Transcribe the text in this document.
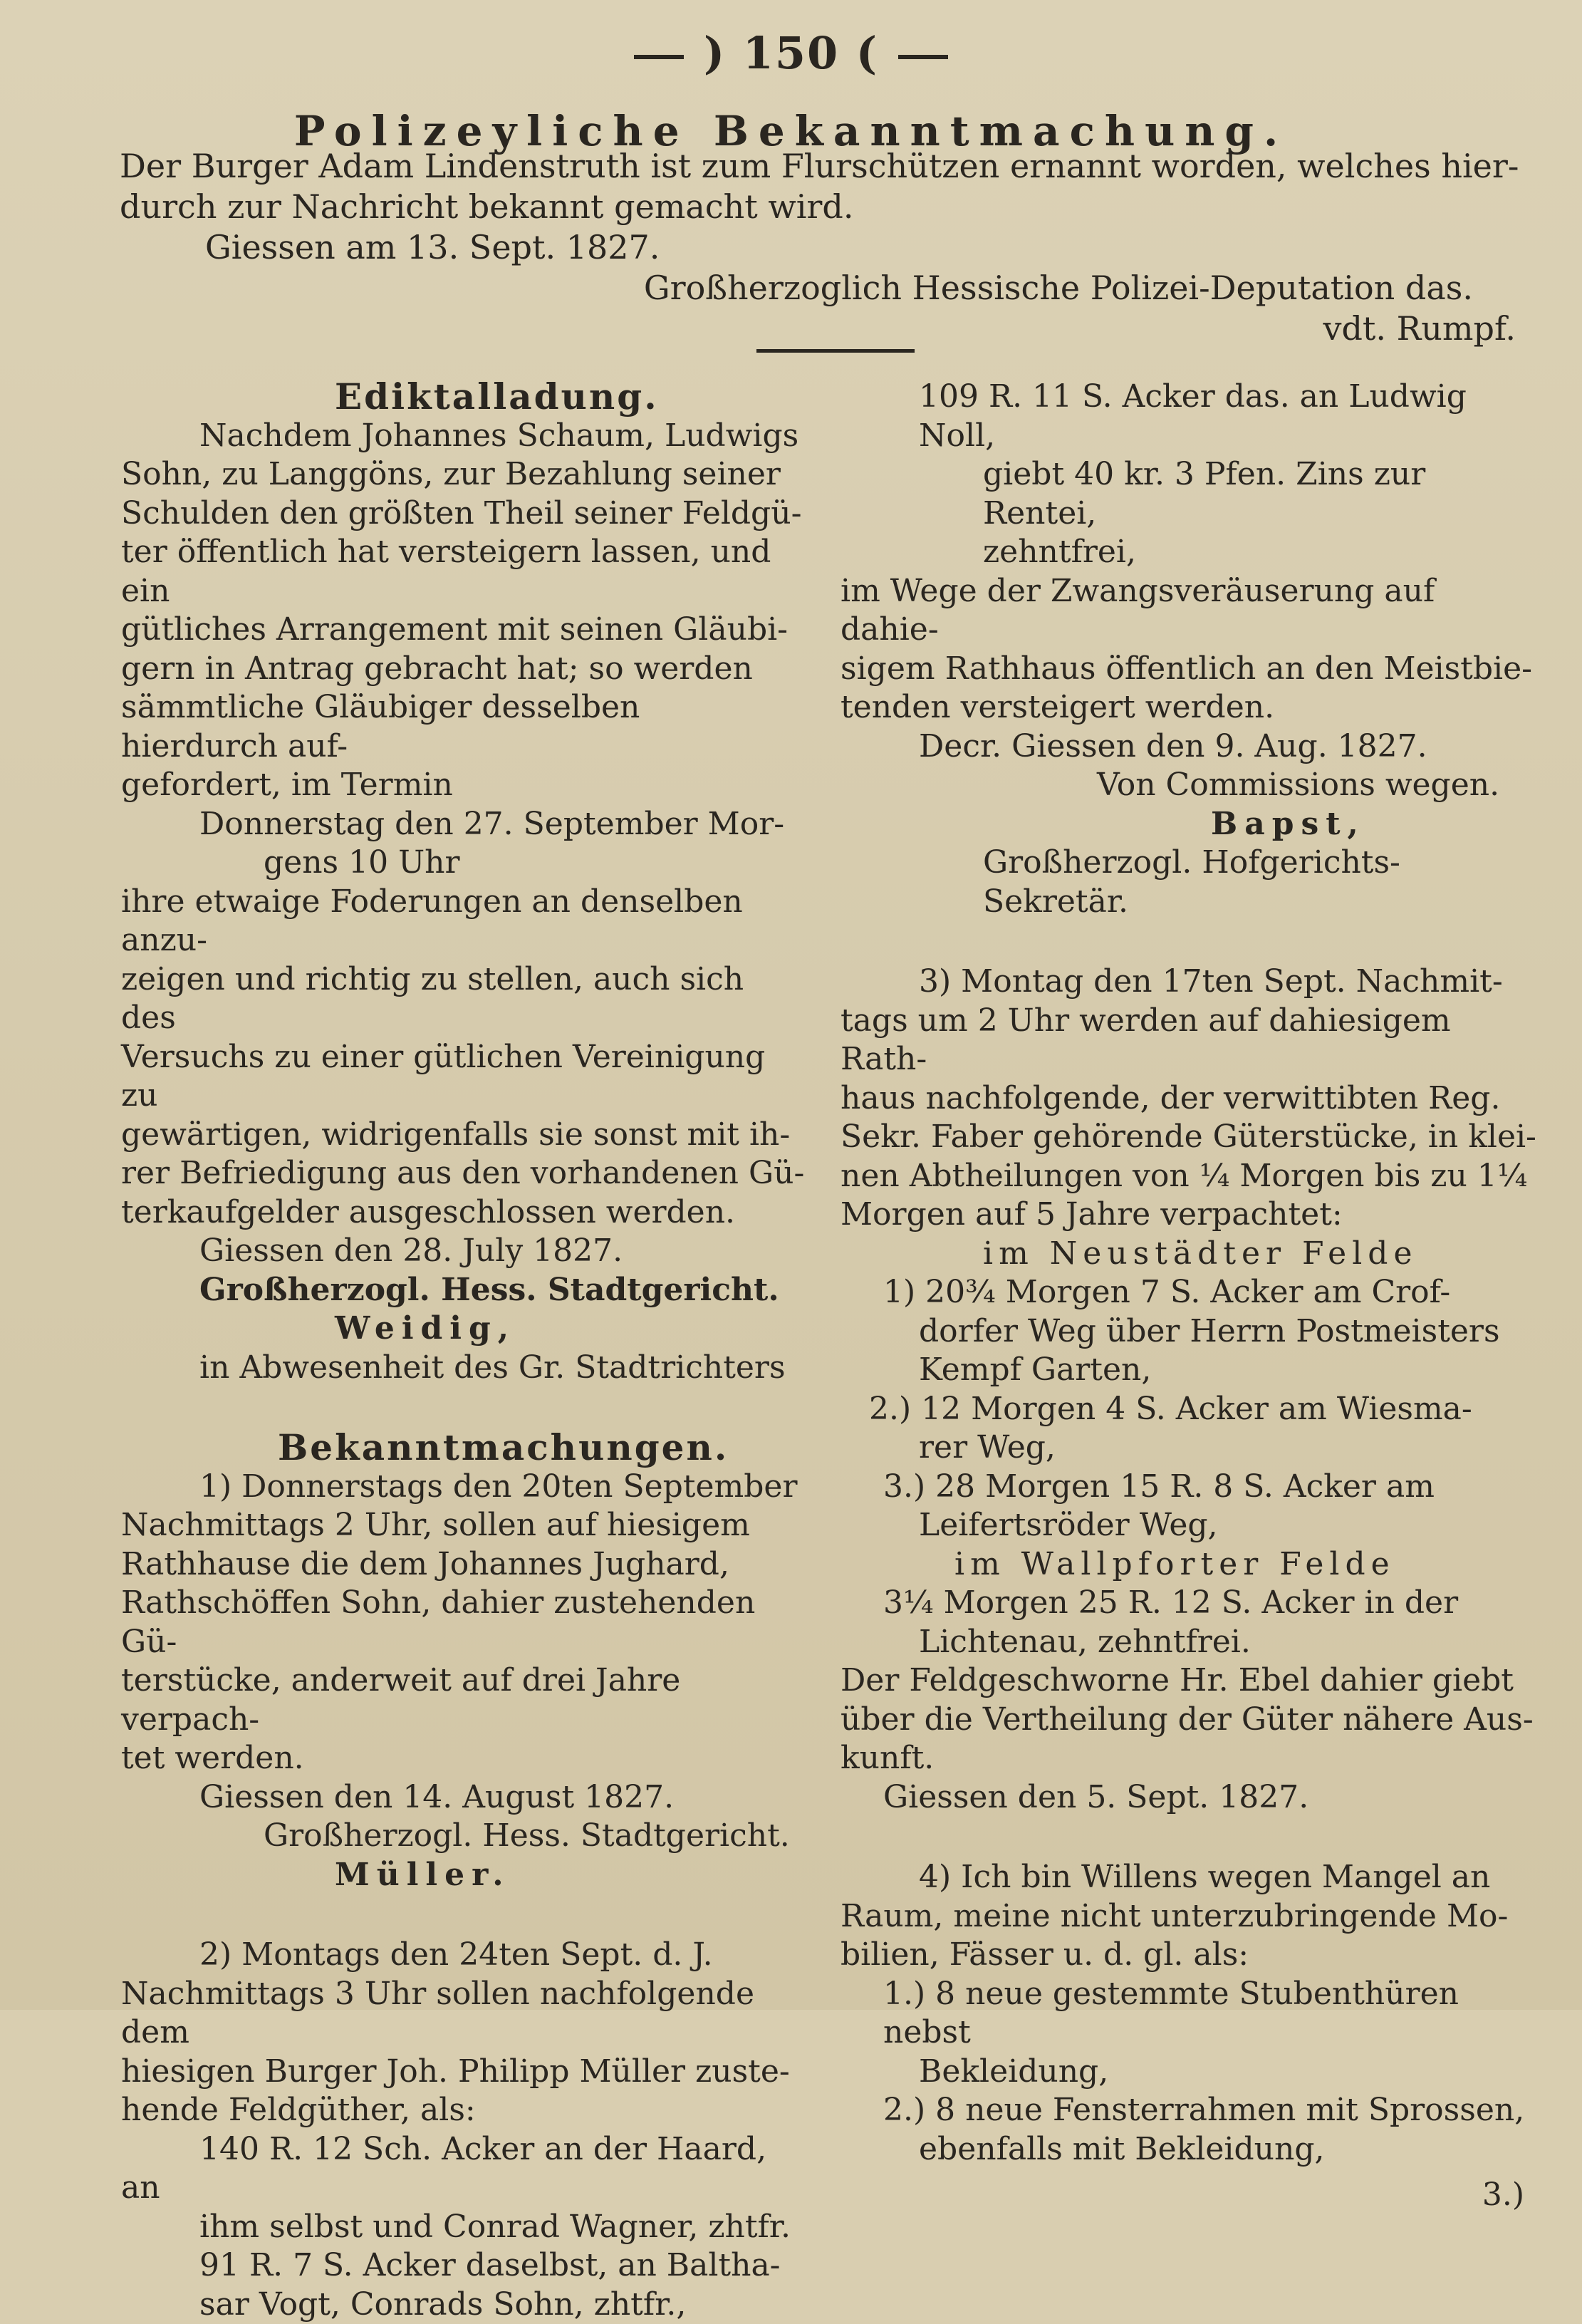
) 150 (
Polizeyliche Bekanntmachung.

Der Burger Adam Lindenstruth ist zum Flurschützen ernannt worden, welches hier-

durch zur Nachricht bekannt gemacht wird.

Giessen am 13. Sept. 1827.

Großherzoglich Hessische Polizei-Deputation das.

vdt. Rumpf.

Ediktalladung.

Nachdem Johannes Schaum, Ludwigs

Sohn, zu Langgöns, zur Bezahlung seiner

Schulden den größten Theil seiner Feldgü-

ter öffentlich hat versteigern lassen, und ein

gütliches Arrangement mit seinen Gläubi-

gern in Antrag gebracht hat; so werden

sämmtliche Gläubiger desselben hierdurch auf-

gefordert, im Termin

Donnerstag den 27. September Mor-

gens 10 Uhr

ihre etwaige Foderungen an denselben anzu-

zeigen und richtig zu stellen, auch sich des

Versuchs zu einer gütlichen Vereinigung zu

gewärtigen, widrigenfalls sie sonst mit ih-

rer Befriedigung aus den vorhandenen Gü-

terkaufgelder ausgeschlossen werden.

Giessen den 28. July 1827.

Großherzogl. Hess. Stadtgericht.

Weidig,

in Abwesenheit des Gr. Stadtrichters

Bekanntmachungen.

1) Donnerstags den 20ten September

Nachmittags 2 Uhr, sollen auf hiesigem

Rathhause die dem Johannes Jughard,

Rathschöffen Sohn, dahier zustehenden Gü-

terstücke, anderweit auf drei Jahre verpach-

tet werden.

Giessen den 14. August 1827.

Großherzogl. Hess. Stadtgericht.

Müller.

2) Montags den 24ten Sept. d. J.

Nachmittags 3 Uhr sollen nachfolgende dem

hiesigen Burger Joh. Philipp Müller zuste-

hende Feldgüther, als:

140 R. 12 Sch. Acker an der Haard, an

ihm selbst und Conrad Wagner, zhtfr.

91 R. 7 S. Acker daselbst, an Baltha-

sar Vogt, Conrads Sohn, zhtfr.,

109 R. 11 S. Acker das. an Ludwig Noll,

giebt 40 kr. 3 Pfen. Zins zur Rentei,

zehntfrei,

im Wege der Zwangsveräuserung auf dahie-

sigem Rathhaus öffentlich an den Meistbie-

tenden versteigert werden.

Decr. Giessen den 9. Aug. 1827.

Von Commissions wegen.

Bapst,

Großherzogl. Hofgerichts-Sekretär.

3) Montag den 17ten Sept. Nachmit-

tags um 2 Uhr werden auf dahiesigem Rath-

haus nachfolgende, der verwittibten Reg.

Sekr. Faber gehörende Güterstücke, in klei-

nen Abtheilungen von ¼ Morgen bis zu 1¼

Morgen auf 5 Jahre verpachtet:

im Neustädter Felde

1) 20¾ Morgen 7 S. Acker am Crof-

dorfer Weg über Herrn Postmeisters

Kempf Garten,

2.) 12 Morgen 4 S. Acker am Wiesma-

rer Weg,

3.) 28 Morgen 15 R. 8 S. Acker am

Leifertsröder Weg,

im Wallpforter Felde

3¼ Morgen 25 R. 12 S. Acker in der

Lichtenau, zehntfrei.

Der Feldgeschworne Hr. Ebel dahier giebt

über die Vertheilung der Güter nähere Aus-

kunft.

Giessen den 5. Sept. 1827.

4) Ich bin Willens wegen Mangel an

Raum, meine nicht unterzubringende Mo-

bilien, Fässer u. d. gl. als:

1.) 8 neue gestemmte Stubenthüren nebst

Bekleidung,

2.) 8 neue Fensterrahmen mit Sprossen,

ebenfalls mit Bekleidung,

3.)
